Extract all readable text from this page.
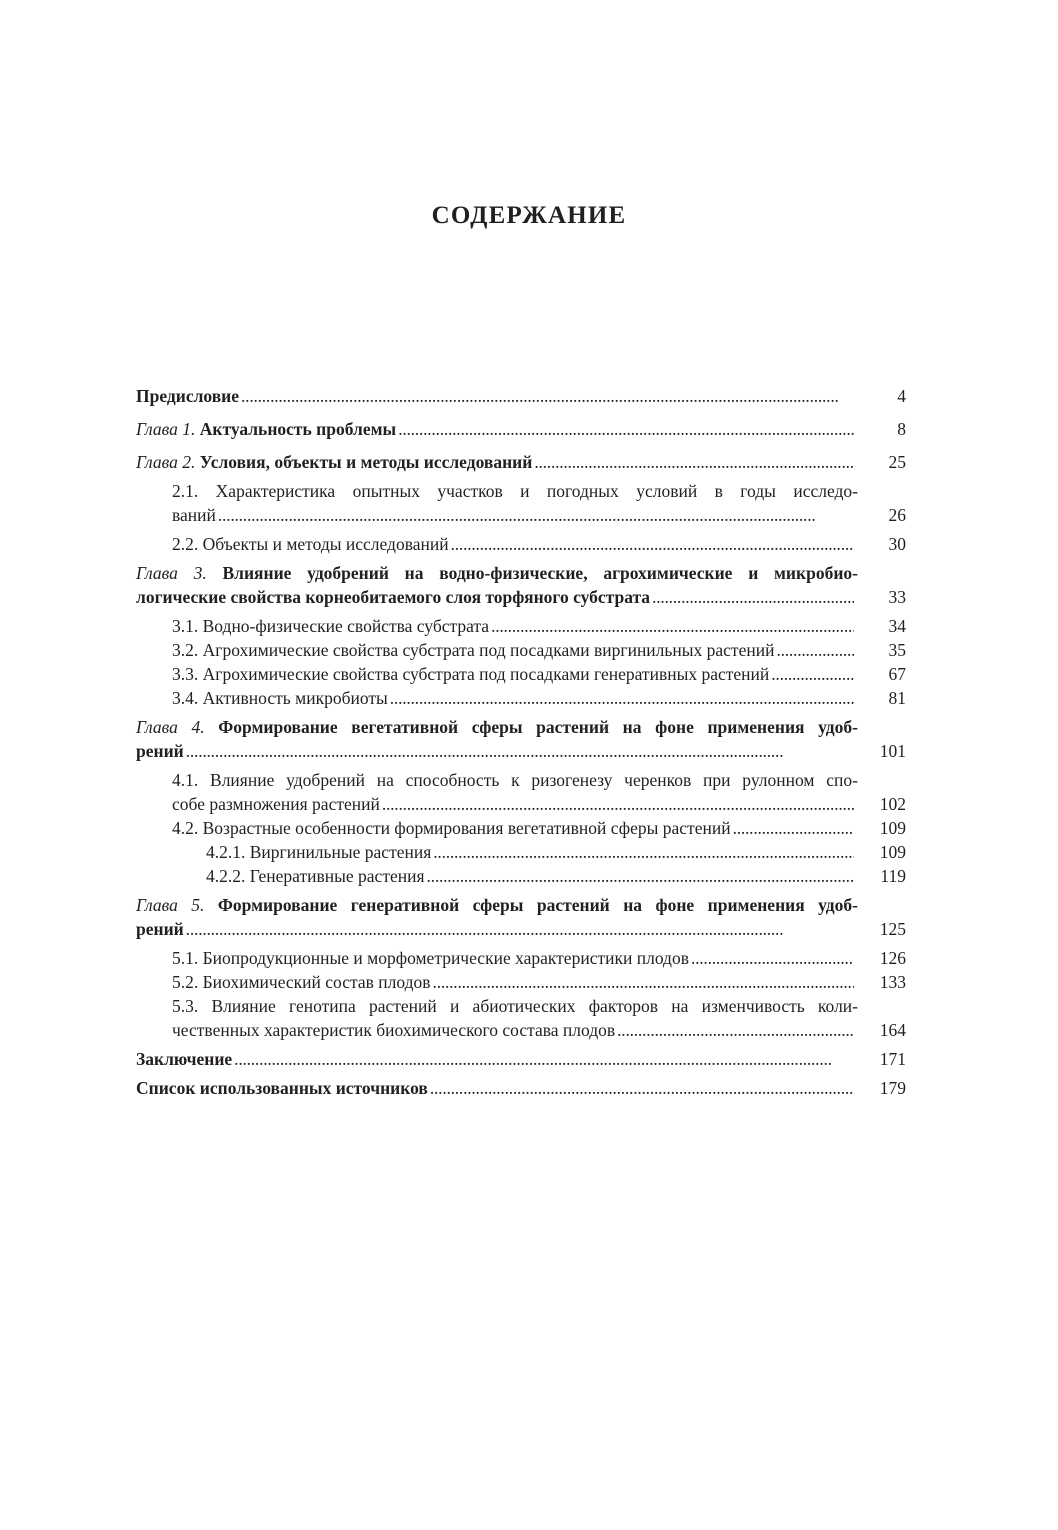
СОДЕРЖАНИЕ
Предисловие . . .	4
Глава 1. Актуальность проблемы . . .	8
Глава 2. Условия, объекты и методы исследований . . .	25
2.1. Характеристика опытных участков и погодных условий в годы исследо-
ваний . . .	26
2.2. Объекты и методы исследований . . .	30
Глава 3. Влияние удобрений на водно-физические, агрохимические и микробио-
логические свойства корнеобитаемого слоя торфяного субстрата . . .	33
3.1. Водно-физические свойства субстрата . . .	34
3.2. Агрохимические свойства субстрата под посадками виргинильных растений . . .	35
3.3. Агрохимические свойства субстрата под посадками генеративных растений . . .	67
3.4. Активность микробиоты . . .	81
Глава 4. Формирование вегетативной сферы растений на фоне применения удоб-
рений . . .	101
4.1. Влияние удобрений на способность к ризогенезу черенков при рулонном спо-
собе размножения растений . . .	102
4.2. Возрастные особенности формирования вегетативной сферы растений . . .	109
4.2.1. Виргинильные растения . . .	109
4.2.2. Генеративные растения . . .	119
Глава 5. Формирование генеративной сферы растений на фоне применения удоб-
рений . . .	125
5.1. Биопродукционные и морфометрические характеристики плодов . . .	126
5.2. Биохимический состав плодов . . .	133
5.3. Влияние генотипа растений и абиотических факторов на изменчивость коли-
чественных характеристик биохимического состава плодов . . .	164
Заключение . . .	171
Список использованных источников . . .	179
